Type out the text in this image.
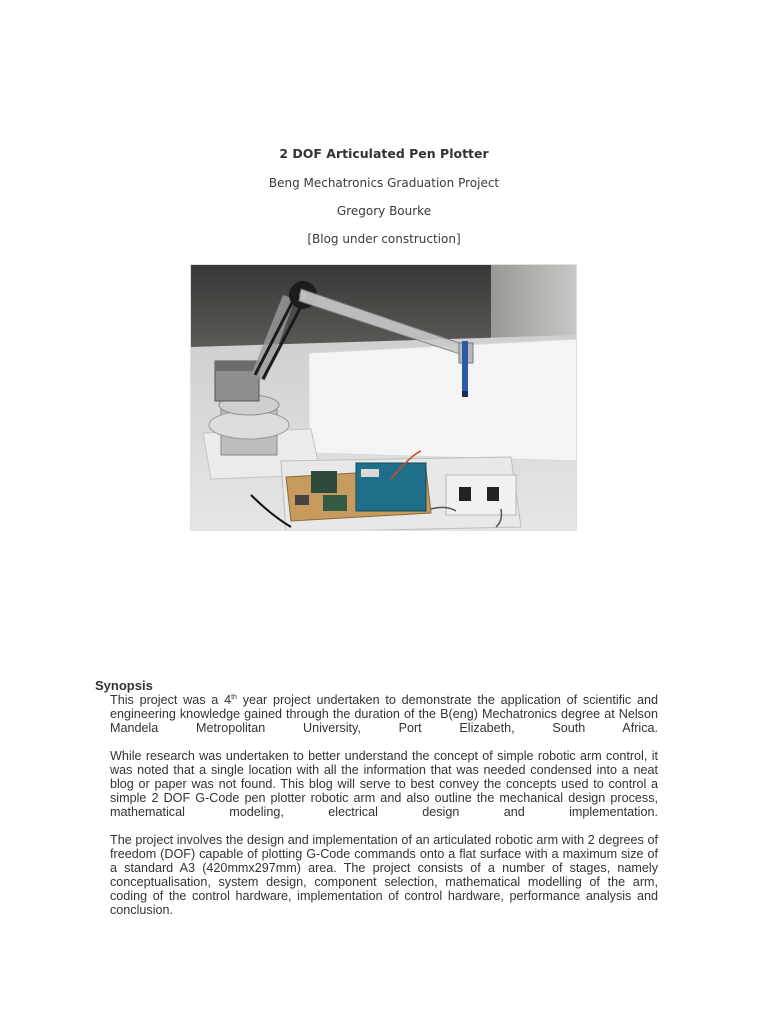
2 DOF Articulated Pen Plotter
Beng Mechatronics Graduation Project
Gregory Bourke
[Blog under construction]
Synopsis

This project was a 4th year project undertaken to demonstrate the application of scientific and engineering knowledge gained through the duration of the B(eng) Mechatronics degree at Nelson Mandela Metropolitan University, Port Elizabeth, South Africa.

While research was undertaken to better understand the concept of simple robotic arm control, it was noted that a single location with all the information that was needed condensed into a neat blog or paper was not found. This blog will serve to best convey the concepts used to control a simple 2 DOF G-Code pen plotter robotic arm and also outline the mechanical design process, mathematical modeling, electrical design and implementation.

The project involves the design and implementation of an articulated robotic arm with 2 degrees of freedom (DOF) capable of plotting G-Code commands onto a flat surface with a maximum size of a standard A3 (420mmx297mm) area. The project consists of a number of stages, namely conceptualisation, system design, component selection, mathematical modelling of the arm, coding of the control hardware, implementation of control hardware, performance analysis and conclusion.
